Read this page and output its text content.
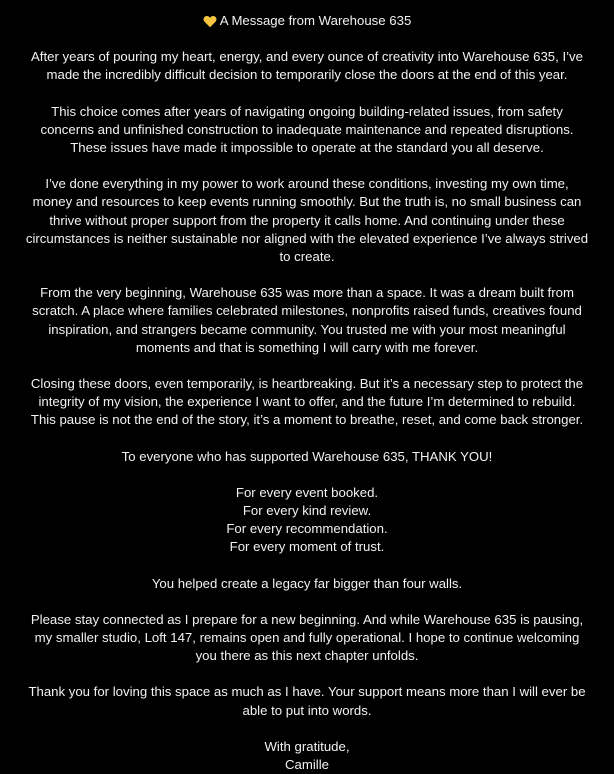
A Message from Warehouse 635

After years of pouring my heart, energy, and every ounce of creativity into Warehouse 635, I’ve
made the incredibly difficult decision to temporarily close the doors at the end of this year.

This choice comes after years of navigating ongoing building-related issues, from safety
concerns and unfinished construction to inadequate maintenance and repeated disruptions.
These issues have made it impossible to operate at the standard you all deserve.

I’ve done everything in my power to work around these conditions, investing my own time,
money and resources to keep events running smoothly. But the truth is, no small business can
thrive without proper support from the property it calls home. And continuing under these
circumstances is neither sustainable nor aligned with the elevated experience I’ve always strived
to create.

From the very beginning, Warehouse 635 was more than a space. It was a dream built from
scratch. A place where families celebrated milestones, nonprofits raised funds, creatives found
inspiration, and strangers became community. You trusted me with your most meaningful
moments and that is something I will carry with me forever.

Closing these doors, even temporarily, is heartbreaking. But it’s a necessary step to protect the
integrity of my vision, the experience I want to offer, and the future I’m determined to rebuild.
This pause is not the end of the story, it’s a moment to breathe, reset, and come back stronger.

To everyone who has supported Warehouse 635, THANK YOU!

For every event booked.
For every kind review.
For every recommendation.
For every moment of trust.

You helped create a legacy far bigger than four walls.

Please stay connected as I prepare for a new beginning. And while Warehouse 635 is pausing,
my smaller studio, Loft 147, remains open and fully operational. I hope to continue welcoming
you there as this next chapter unfolds.

Thank you for loving this space as much as I have. Your support means more than I will ever be
able to put into words.

With gratitude,
Camille
